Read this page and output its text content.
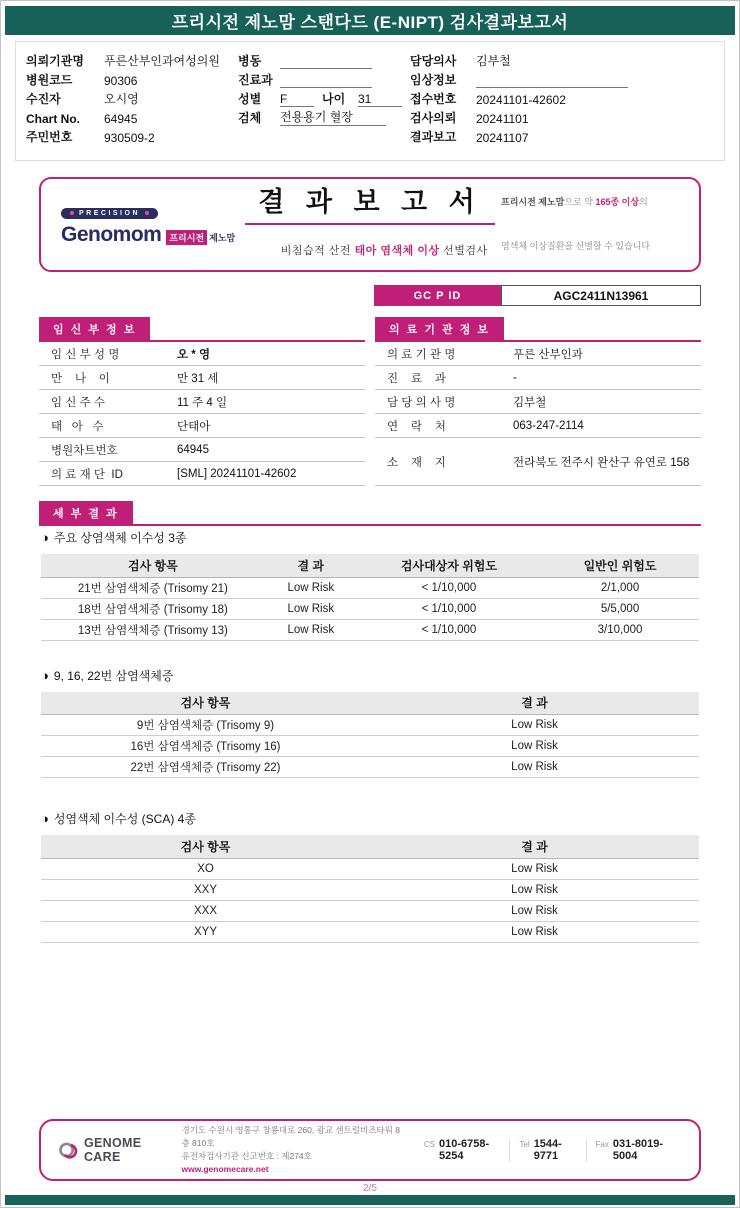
프리시전 제노맘 스탠다드 (E-NIPT) 검사결과보고서
의뢰기관명	푸른산부인과여성의원
병원코드	90306
수진자	오시영
Chart No.	64945
주민번호	930509-2
병동
진료과
성별	F	나이	31
검체	전용용기 혈장
담당의사	김부철
임상정보
접수번호	20241101-42602
검사의뢰	20241101
결과보고	20241107
PRECISION
Genomom 프리시전 제노맘
결 과 보 고 서

비침습적 산전 태아 염색체 이상 선별검사

프리시전 제노맘으로 약 165종 이상의

염색체 이상질환을 선별할 수 있습니다

GC P ID	AGC2411N13961
임 신 부 정 보
임 신 부 성 명	오 * 영
만    나    이	만 31 세
임 신 주 수	11 주 4 일
태   아   수	단태아
병원차트번호	64945
의 료 재 단  ID	[SML] 20241101-42602
의 료 기 관 정 보
의 료 기 관 명	푸른 산부인과
진    료    과	-
담 당 의 사 명	김부철
연    락    처	063-247-2114
소    재    지	전라북도 전주시 완산구 유연로 158
세 부 결 과
◑ 주요 상염색체 이수성 3종
검사 항목	결 과	검사대상자 위험도	일반인 위험도
21번 삼염색체증 (Trisomy 21)	Low Risk	< 1/10,000	2/1,000
18번 삼염색체증 (Trisomy 18)	Low Risk	< 1/10,000	5/5,000
13번 삼염색체증 (Trisomy 13)	Low Risk	< 1/10,000	3/10,000
◑ 9, 16, 22번 삼염색체증
검사 항목	결 과
9번 삼염색체증 (Trisomy 9)	Low Risk
16번 삼염색체증 (Trisomy 16)	Low Risk
22번 삼염색체증 (Trisomy 22)	Low Risk
◑ 성염색체 이수성 (SCA) 4종
검사 항목	결 과
XO	Low Risk
XXY	Low Risk
XXX	Low Risk
XYY	Low Risk
GENOME CARE
경기도 수원시 영통구 창룡대로 260, 광교 센트럴비즈타워 8층 810호
유전자검사기관 신고번호 : 제274호
www.genomecare.net
CS 010-6758-5254
Tel 1544-9771
Fax 031-8019-5004
2/5
